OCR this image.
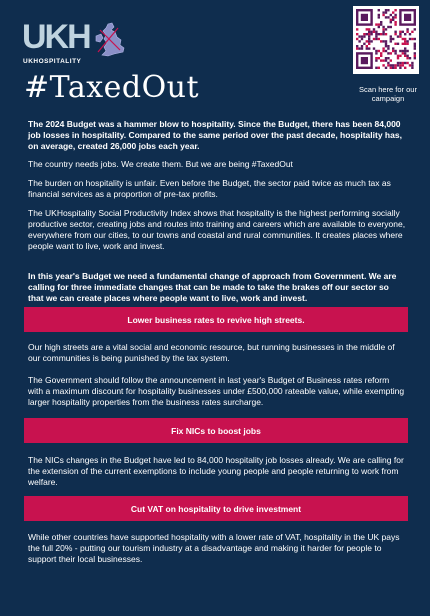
UKH
UKHOSPITALITY
Scan here for our campaign
#TaxedOut

The 2024 Budget was a hammer blow to hospitality. Since the Budget, there has been 84,000 job losses in hospitality. Compared to the same period over the past decade, hospitality has, on average, created 26,000 jobs each year.

The country needs jobs. We create them. But we are being #TaxedOut

The burden on hospitality is unfair. Even before the Budget, the sector paid twice as much tax as financial services as a proportion of pre-tax profits.

The UKHospitality Social Productivity Index shows that hospitality is the highest performing socially productive sector, creating jobs and routes into training and careers which are available to everyone, everywhere from our cities, to our towns and coastal and rural communities. It creates places where people want to live, work and invest.

In this year's Budget we need a fundamental change of approach from Government. We are calling for three immediate changes that can be made to take the brakes off our sector so that we can create places where people want to live, work and invest.

Lower business rates to revive high streets.

Our high streets are a vital social and economic resource, but running businesses in the middle of our communities is being punished by the tax system.

The Government should follow the announcement in last year's Budget of Business rates reform with a maximum discount for hospitality businesses under £500,000 rateable value, while exempting larger hospitality properties from the business rates surcharge.

Fix NICs to boost jobs

The NICs changes in the Budget have led to 84,000 hospitality job losses already. We are calling for the extension of the current exemptions to include young people and people returning to work from welfare.

Cut VAT on hospitality to drive investment

While other countries have supported hospitality with a lower rate of VAT, hospitality in the UK pays the full 20% - putting our tourism industry at a disadvantage and making it harder for people to support their local businesses.
